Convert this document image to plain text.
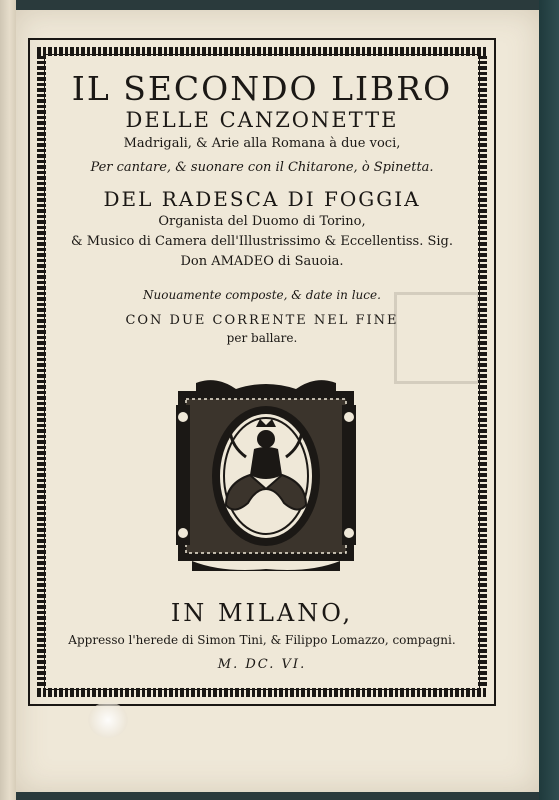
IL SECONDO LIBRO

DELLE CANZONETTE

Madrigali, & Arie alla Romana à due voci,

Per cantare, & suonare con il Chitarone, ò Spinetta.

DEL RADESCA DI FOGGIA

Organista del Duomo di Torino,

& Musico di Camera dell'Illustrissimo & Eccellentiss. Sig.

Don AMADEO di Sauoia.

Nuouamente composte, & date in luce.

CON DUE CORRENTE NEL FINE

per ballare.

IN MILANO,

Appresso l'herede di Simon Tini, & Filippo Lomazzo, compagni.

M. DC. VI.
